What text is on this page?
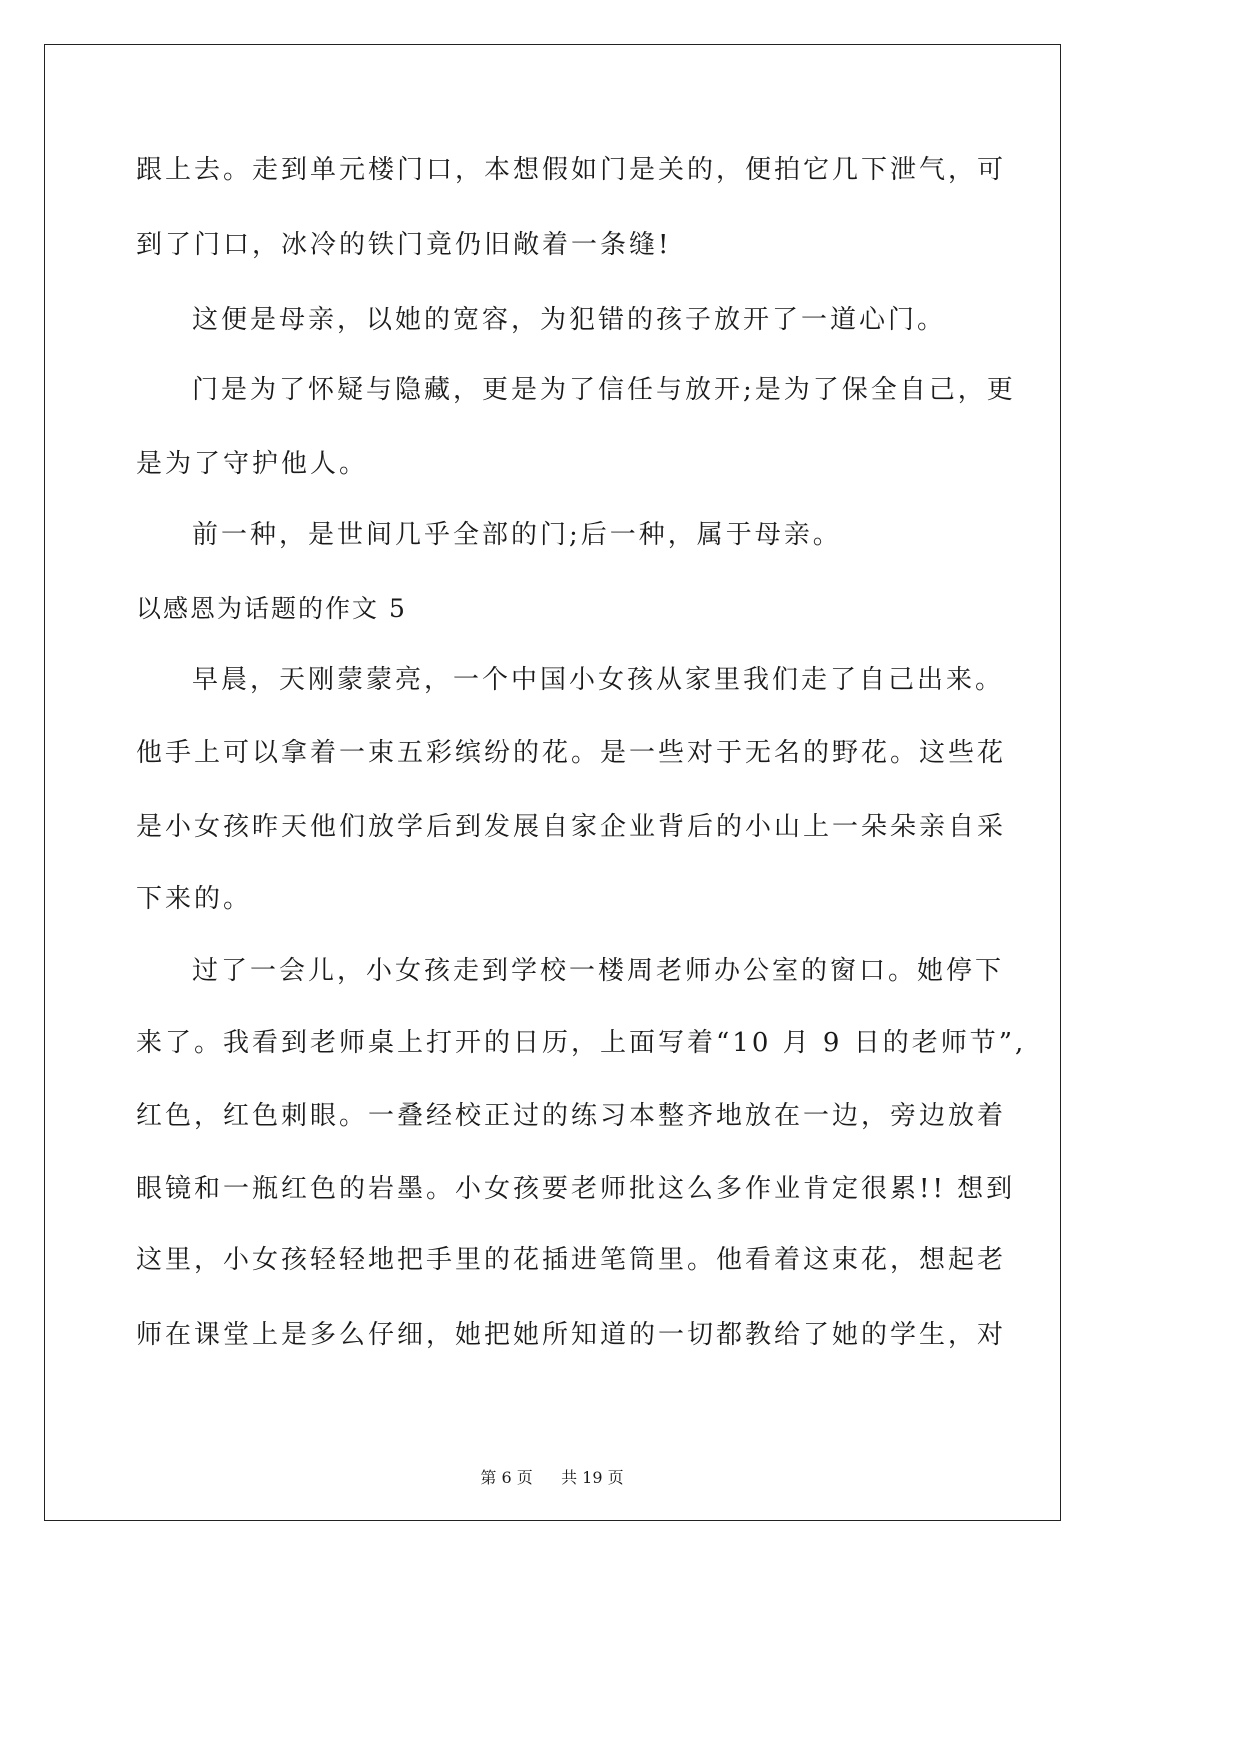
跟上去。走到单元楼门口，本想假如门是关的，便拍它几下泄气，可
到了门口，冰冷的铁门竟仍旧敞着一条缝!
这便是母亲，以她的宽容，为犯错的孩子放开了一道心门。
门是为了怀疑与隐藏，更是为了信任与放开;是为了保全自己，更
是为了守护他人。
前一种，是世间几乎全部的门;后一种，属于母亲。
以感恩为话题的作文 5
早晨，天刚蒙蒙亮，一个中国小女孩从家里我们走了自己出来。
他手上可以拿着一束五彩缤纷的花。是一些对于无名的野花。这些花
是小女孩昨天他们放学后到发展自家企业背后的小山上一朵朵亲自采
下来的。
过了一会儿，小女孩走到学校一楼周老师办公室的窗口。她停下
来了。我看到老师桌上打开的日历，上面写着“10 月 9 日的老师节”,
红色，红色刺眼。一叠经校正过的练习本整齐地放在一边，旁边放着
眼镜和一瓶红色的岩墨。小女孩要老师批这么多作业肯定很累!! 想到
这里，小女孩轻轻地把手里的花插进笔筒里。他看着这束花，想起老
师在课堂上是多么仔细，她把她所知道的一切都教给了她的学生，对
第 6 页 共 19 页
